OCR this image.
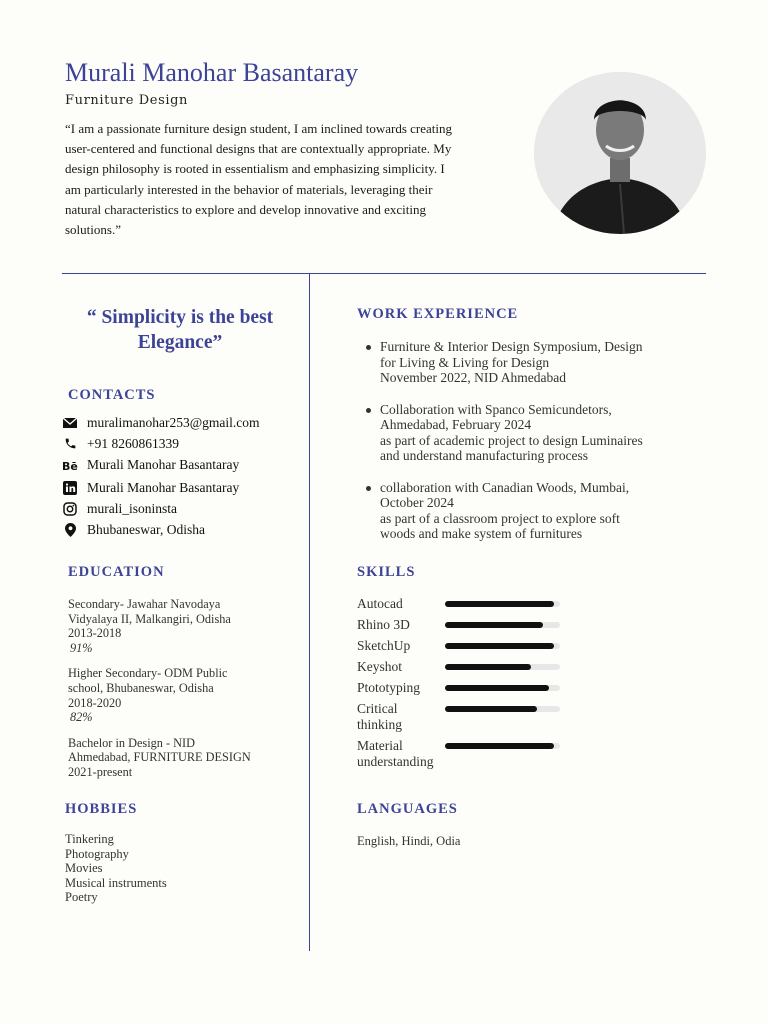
Murali Manohar Basantaray
Furniture Design
“I am a passionate furniture design student, I am inclined towards creating user-centered and functional designs that are contextually appropriate. My design philosophy is rooted in essentialism and emphasizing simplicity. I am particularly interested in the behavior of materials, leveraging their natural characteristics to explore and develop innovative and exciting solutions.”
“ Simplicity is the best Elegance”
CONTACTS
muralimanohar253@gmail.com
+91 8260861339
Bē Murali Manohar Basantaray
Murali Manohar Basantaray
murali_isoninsta
Bhubaneswar, Odisha
EDUCATION
Secondary- Jawahar Navodaya
Vidyalaya II, Malkangiri, Odisha
2013-2018
91%
Higher Secondary- ODM Public
school, Bhubaneswar, Odisha
2018-2020
82%
Bachelor in Design - NID
Ahmedabad, FURNITURE DESIGN
2021-present
HOBBIES
Tinkering
Photography
Movies
Musical instruments
Poetry
WORK EXPERIENCE
Furniture & Interior Design Symposium, Design
for Living & Living for Design
November 2022, NID Ahmedabad
Collaboration with Spanco Semicundetors,
Ahmedabad, February 2024
as part of academic project to design Luminaires
and understand manufacturing process
collaboration with Canadian Woods, Mumbai,
October 2024
as part of a classroom project to explore soft
woods and make system of furnitures
SKILLS
Autocad
Rhino 3D
SketchUp
Keyshot
Ptototyping
Critical thinking
Material understanding
LANGUAGES
English, Hindi, Odia
